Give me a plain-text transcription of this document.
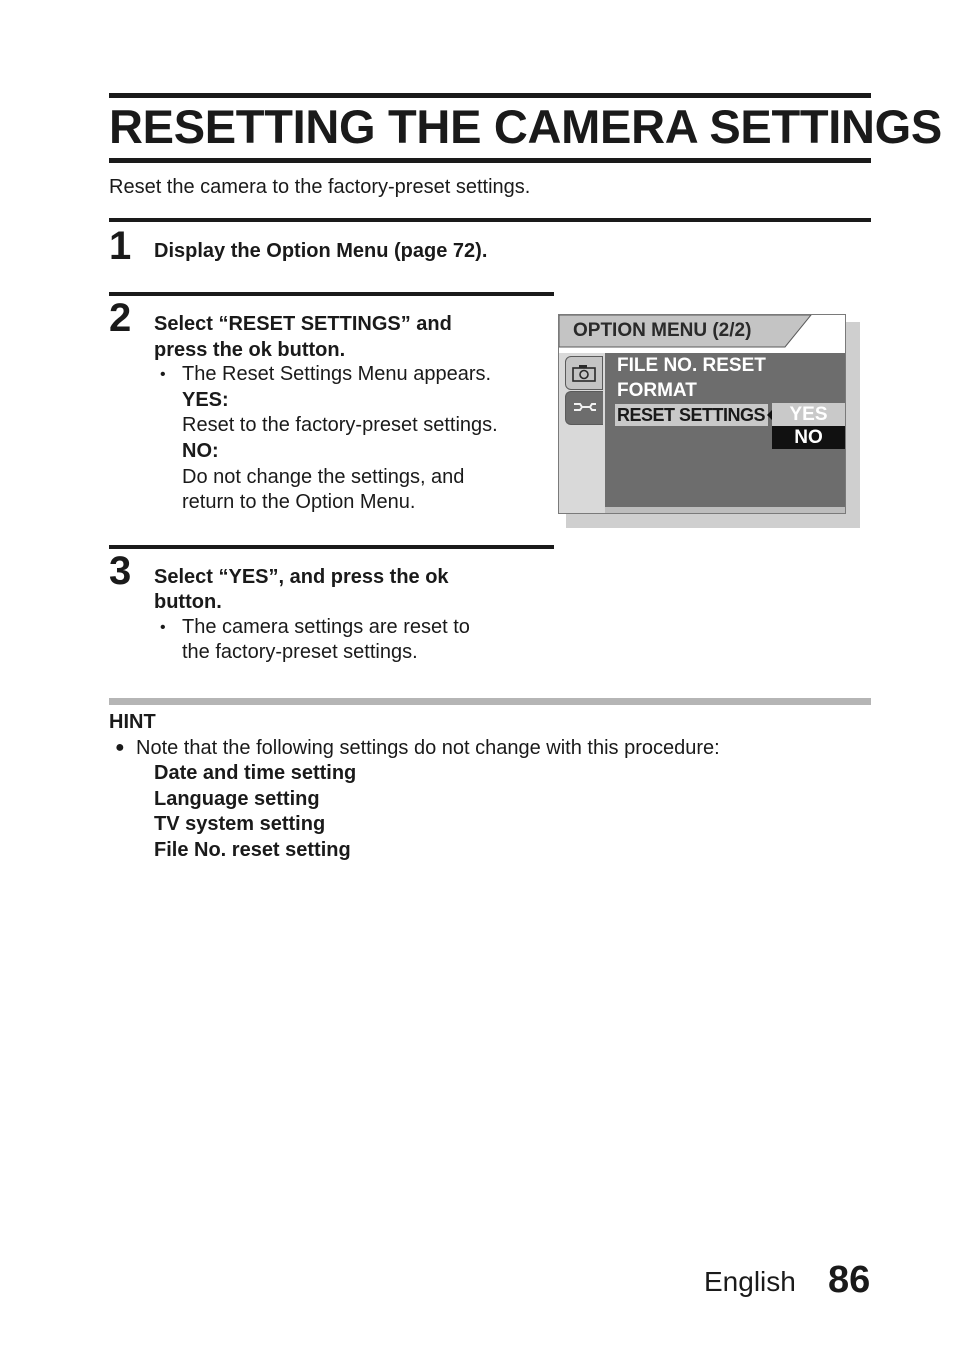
RESETTING THE CAMERA SETTINGS
Reset the camera to the factory-preset settings.
1 Display the Option Menu (page 72).
2 Select “RESET SETTINGS” and
press the ok button.
• The Reset Settings Menu appears.
YES:
Reset to the factory-preset settings.
NO:
Do not change the settings, and
return to the Option Menu.
OPTION MENU (2/2)
FILE NO. RESET
FORMAT
RESET SETTINGS	YES
NO
3 Select “YES”, and press the ok
button.
• The camera settings are reset to
the factory-preset settings.
HINT
● Note that the following settings do not change with this procedure:
Date and time setting
Language setting
TV system setting
File No. reset setting
English 86
